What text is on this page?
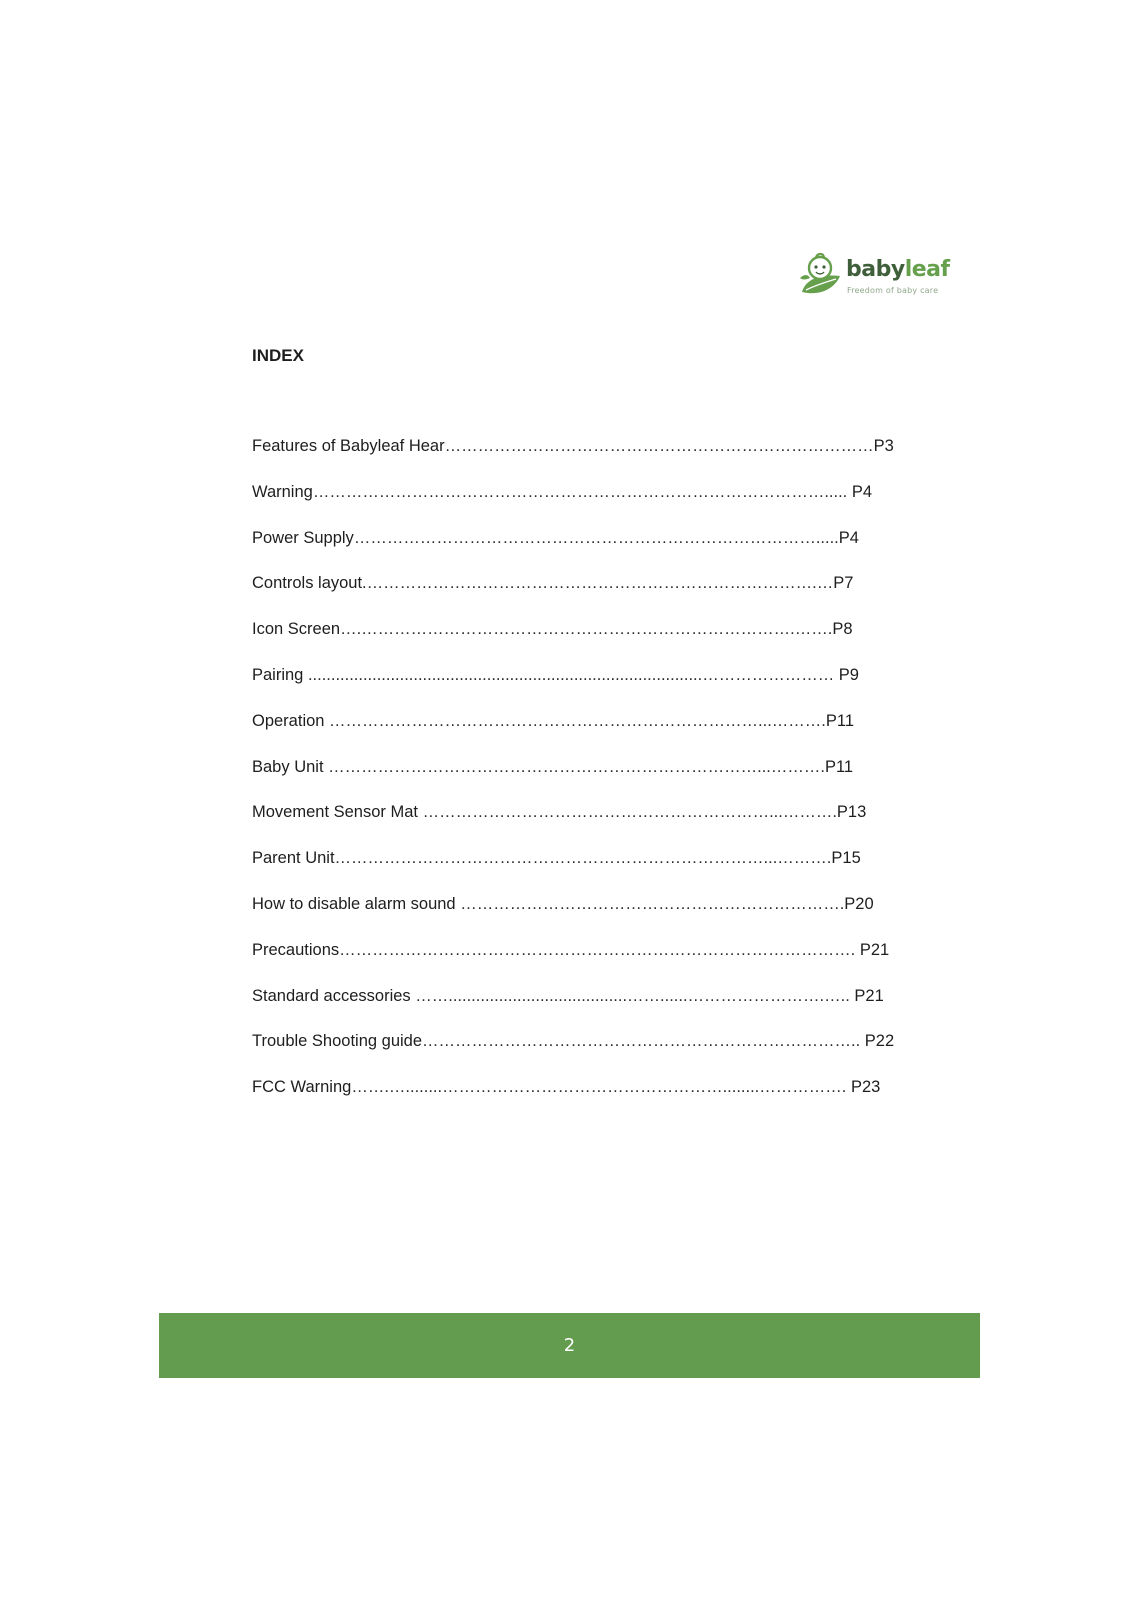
babyleaf
Freedom of baby care
INDEX
Features of Babyleaf Hear……………………………………………………………………P3
Warning…………………………………………………………………………………..... P4
Power Supply………………………………………………………………………….....P4
Controls layout.……………………………………………………………………….…P7
Icon Screen….…………………………………………………………………….…….P8
Pairing ......................................................................................…………………… P9
Operation ……………………………………………………………………...……….P11
Baby Unit ……………………………………………………………………...……….P11
Movement Sensor Mat ………………………………………………………...……….P13
Parent Unit……………………………………………………………………...……….P15
How to disable alarm sound …………………………………………………………….P20
Precautions…………………………………………………………………………………. P21
Standard accessories …….......................................……......…………………….….. P21
Trouble Shooting guide…………………………………………………………………….. P22
FCC Warning…….…........……………………………………………........……………. P23
2
